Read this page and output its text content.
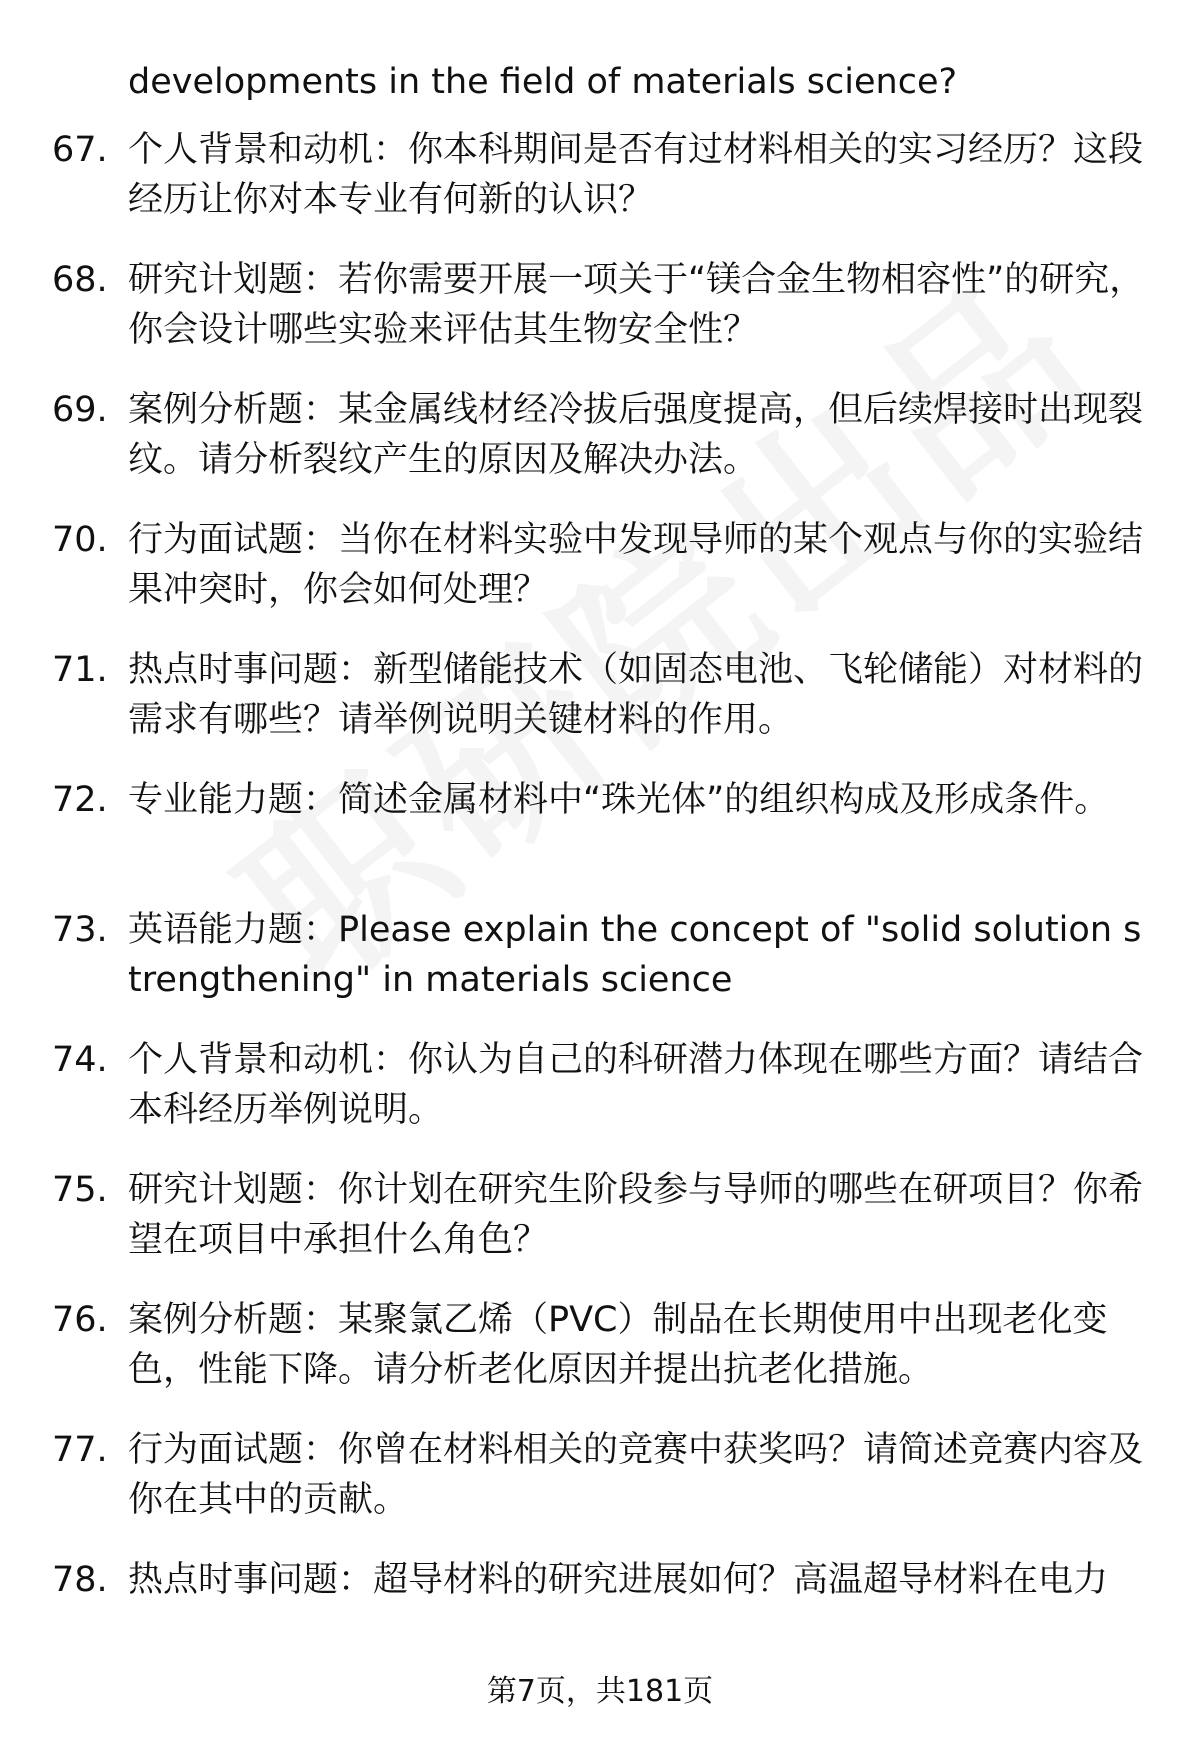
developments in the field of materials science?
67. 个人背景和动机：你本科期间是否有过材料相关的实习经历？这段经历让你对本专业有何新的认识？
68. 研究计划题：若你需要开展一项关于“镁合金生物相容性”的研究，你会设计哪些实验来评估其生物安全性？
69. 案例分析题：某金属线材经冷拔后强度提高，但后续焊接时出现裂纹。请分析裂纹产生的原因及解决办法。
70. 行为面试题：当你在材料实验中发现导师的某个观点与你的实验结果冲突时，你会如何处理？
71. 热点时事问题：新型储能技术（如固态电池、飞轮储能）对材料的需求有哪些？请举例说明关键材料的作用。
72. 专业能力题：简述金属材料中“珠光体”的组织构成及形成条件。
73. 英语能力题：Please explain the concept of "solid solution strengthening" in materials science
74. 个人背景和动机：你认为自己的科研潜力体现在哪些方面？请结合本科经历举例说明。
75. 研究计划题：你计划在研究生阶段参与导师的哪些在研项目？你希望在项目中承担什么角色？
76. 案例分析题：某聚氯乙烯（PVC）制品在长期使用中出现老化变色，性能下降。请分析老化原因并提出抗老化措施。
77. 行为面试题：你曾在材料相关的竞赛中获奖吗？请简述竞赛内容及你在其中的贡献。
78. 热点时事问题：超导材料的研究进展如何？高温超导材料在电力
第7页，共181页
